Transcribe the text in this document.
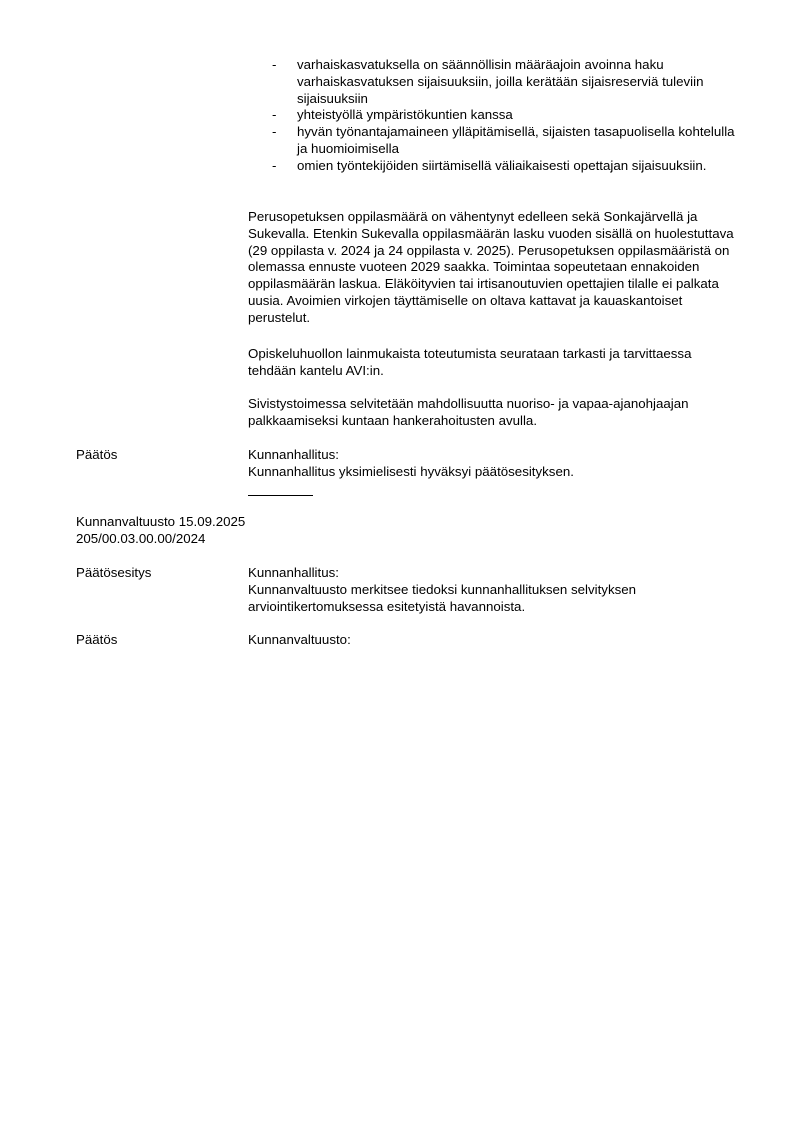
- varhaiskasvatuksella on säännöllisin määräajoin avoinna haku varhaiskasvatuksen sijaisuuksiin, joilla kerätään sijaisreserviä tuleviin sijaisuuksiin
- yhteistyöllä ympäristökuntien kanssa
- hyvän työnantajamaineen ylläpitämisellä, sijaisten tasapuolisella kohtelulla ja huomioimisella
- omien työntekijöiden siirtämisellä väliaikaisesti opettajan sijaisuuksiin.

Perusopetuksen oppilasmäärä on vähentynyt edelleen sekä Sonkajärvellä ja Sukevalla. Etenkin Sukevalla oppilasmäärän lasku vuoden sisällä on huolestuttava (29 oppilasta v. 2024 ja 24 oppilasta v. 2025). Perusopetuksen oppilasmääristä on olemassa ennuste vuoteen 2029 saakka. Toimintaa sopeutetaan ennakoiden oppilasmäärän laskua. Eläköityvien tai irtisanoutuvien opettajien tilalle ei palkata uusia. Avoimien virkojen täyttämiselle on oltava kattavat ja kauaskantoiset perustelut.

Opiskeluhuollon lainmukaista toteutumista seurataan tarkasti ja tarvittaessa tehdään kantelu AVI:in.

Sivistystoimessa selvitetään mahdollisuutta nuoriso- ja vapaa-ajanohjaajan palkkaamiseksi kuntaan hankerahoitusten avulla.

Päätös	Kunnanhallitus:

Kunnanhallitus yksimielisesti hyväksyi päätösesityksen.

Kunnanvaltuusto 15.09.2025
205/00.03.00.00/2024

Päätösesitys	Kunnanhallitus:

Kunnanvaltuusto merkitsee tiedoksi kunnanhallituksen selvityksen arviointikertomuksessa esitetyistä havannoista.

Päätös	Kunnanvaltuusto:
